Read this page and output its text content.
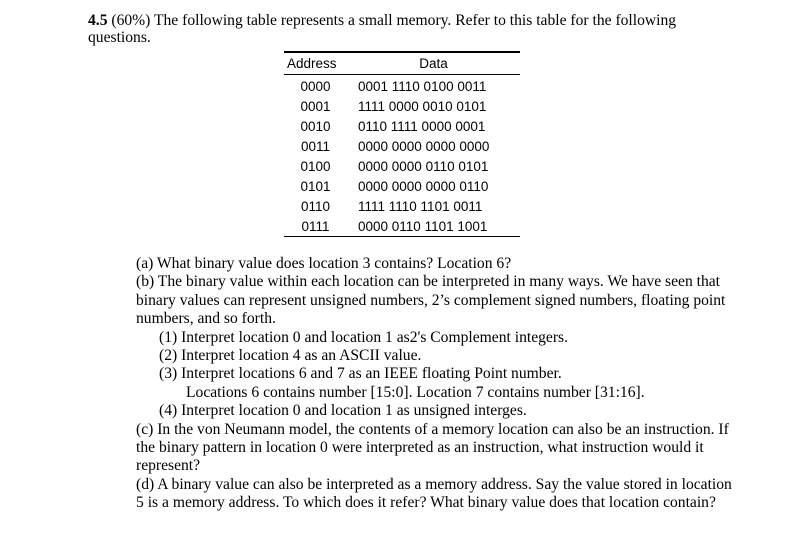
4.5 (60%) The following table represents a small memory. Refer to this table for the following questions.
Address	Data
0000	0001 1110 0100 0011
0001	1111 0000 0010 0101
0010	0110 1111 0000 0001
0011	0000 0000 0000 0000
0100	0000 0000 0110 0101
0101	0000 0000 0000 0110
0110	1111 1110 1101 0011
0111	0000 0110 1101 1001

(a) What binary value does location 3 contains? Location 6?

(b) The binary value within each location can be interpreted in many ways. We have seen that binary values can represent unsigned numbers, 2’s complement signed numbers, floating point numbers, and so forth.

(1) Interpret location 0 and location 1 as2's Complement integers.

(2) Interpret location 4 as an ASCII value.

(3) Interpret locations 6 and 7 as an IEEE floating Point number.

Locations 6 contains number [15:0]. Location 7 contains number [31:16].

(4) Interpret location 0 and location 1 as unsigned interges.

(c) In the von Neumann model, the contents of a memory location can also be an instruction. If the binary pattern in location 0 were interpreted as an instruction, what instruction would it represent?

(d) A binary value can also be interpreted as a memory address. Say the value stored in location 5 is a memory address. To which does it refer? What binary value does that location contain?
